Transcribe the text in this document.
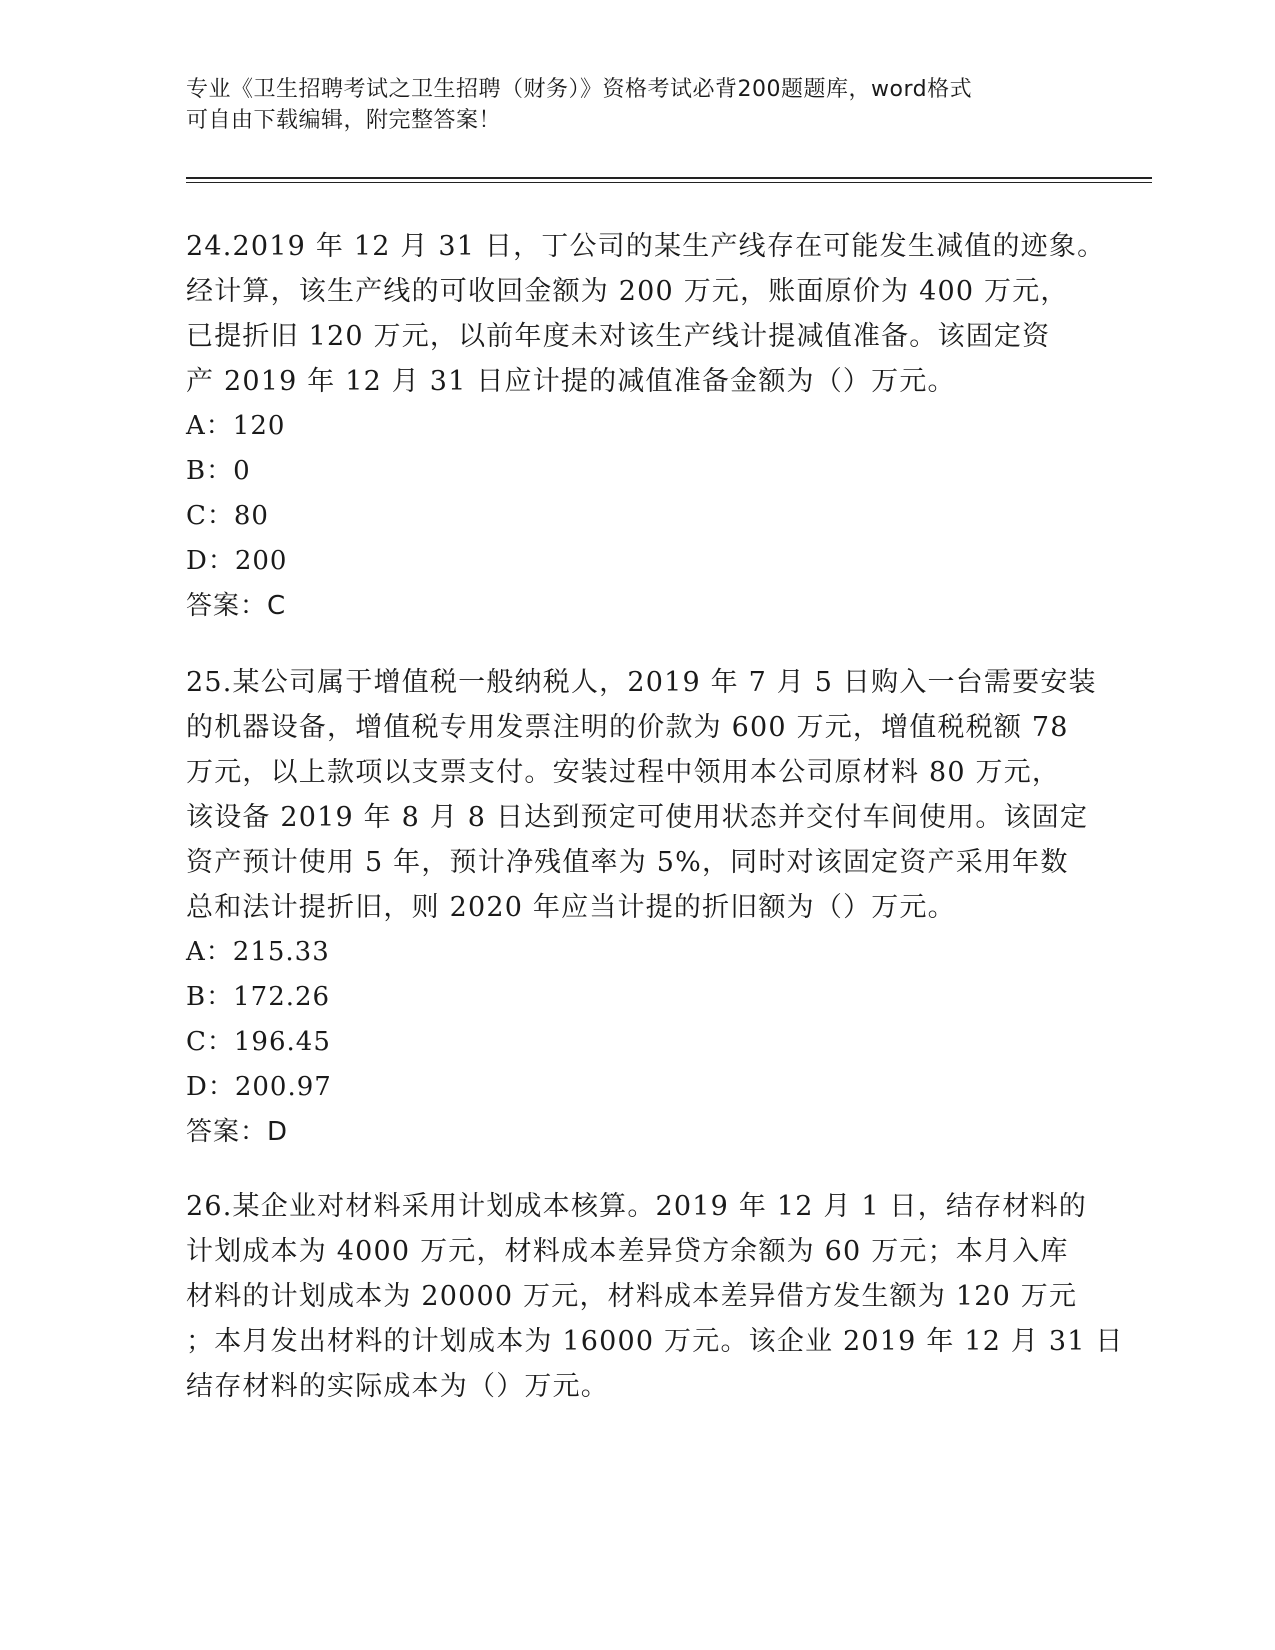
专业《卫生招聘考试之卫生招聘（财务）》资格考试必背200题题库，word格式
可自由下载编辑，附完整答案！
24.2019 年 12 月 31 日，丁公司的某生产线存在可能发生减值的迹象。
经计算，该生产线的可收回金额为 200 万元，账面原价为 400 万元，
已提折旧 120 万元，以前年度未对该生产线计提减值准备。该固定资
产 2019 年 12 月 31 日应计提的减值准备金额为（）万元。
A：120
B：0
C：80
D：200
答案：C
25.某公司属于增值税一般纳税人，2019 年 7 月 5 日购入一台需要安装
的机器设备，增值税专用发票注明的价款为 600 万元，增值税税额 78
万元，以上款项以支票支付。安装过程中领用本公司原材料 80 万元，
该设备 2019 年 8 月 8 日达到预定可使用状态并交付车间使用。该固定
资产预计使用 5 年，预计净残值率为 5%，同时对该固定资产采用年数
总和法计提折旧，则 2020 年应当计提的折旧额为（）万元。
A：215.33
B：172.26
C：196.45
D：200.97
答案：D
26.某企业对材料采用计划成本核算。2019 年 12 月 1 日，结存材料的
计划成本为 4000 万元，材料成本差异贷方余额为 60 万元；本月入库
材料的计划成本为 20000 万元，材料成本差异借方发生额为 120 万元
；本月发出材料的计划成本为 16000 万元。该企业 2019 年 12 月 31 日
结存材料的实际成本为（）万元。
